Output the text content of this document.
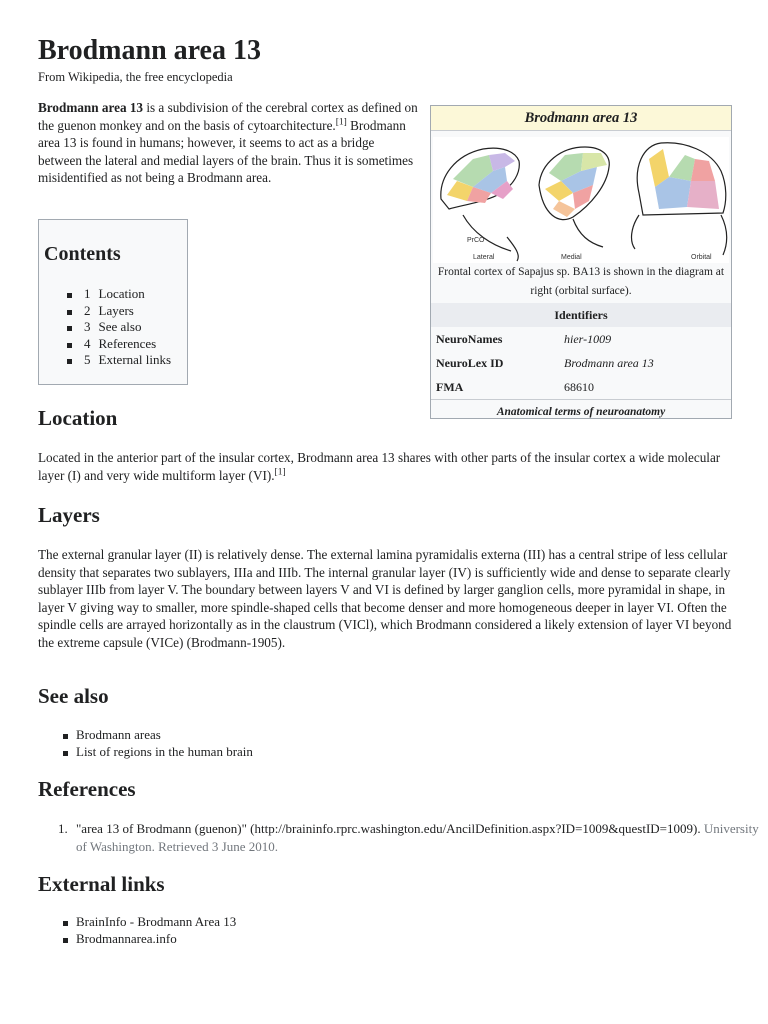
Brodmann area 13
From Wikipedia, the free encyclopedia

Brodmann area 13 is a subdivision of the cerebral cortex as defined on the guenon monkey and on the basis of cytoarchitecture.[1] Brodmann area 13 is found in humans; however, it seems to act as a bridge between the lateral and medial layers of the brain. Thus it is sometimes misidentified as not being a Brodmann area.

Contents
1 Location
2 Layers
3 See also
4 References
5 External links
Brodmann area 13
PrCO
Lateral	Medial	Orbital
Frontal cortex of Sapajus sp. BA13 is shown in the diagram at right (orbital surface).
Identifiers
NeuroNames	hier-1009
NeuroLex ID	Brodmann area 13
FMA	68610
Anatomical terms of neuroanatomy
Location

Located in the anterior part of the insular cortex, Brodmann area 13 shares with other parts of the insular cortex a wide molecular layer (I) and very wide multiform layer (VI).[1]

Layers

The external granular layer (II) is relatively dense. The external lamina pyramidalis externa (III) has a central stripe of less cellular density that separates two sublayers, IIIa and IIIb. The internal granular layer (IV) is sufficiently wide and dense to separate clearly sublayer IIIb from layer V. The boundary between layers V and VI is defined by larger ganglion cells, more pyramidal in shape, in layer V giving way to smaller, more spindle-shaped cells that become denser and more homogeneous deeper in layer VI. Often the spindle cells are arrayed horizontally as in the claustrum (VICl), which Brodmann considered a likely extension of layer VI beyond the extreme capsule (VICe) (Brodmann-1905).

See also
Brodmann areas
List of regions in the human brain
References
1. "area 13 of Brodmann (guenon)" (http://braininfo.rprc.washington.edu/AncilDefinition.aspx?ID=1009&questID=1009). University of Washington. Retrieved 3 June 2010.
External links
BrainInfo - Brodmann Area 13
Brodmannarea.info
